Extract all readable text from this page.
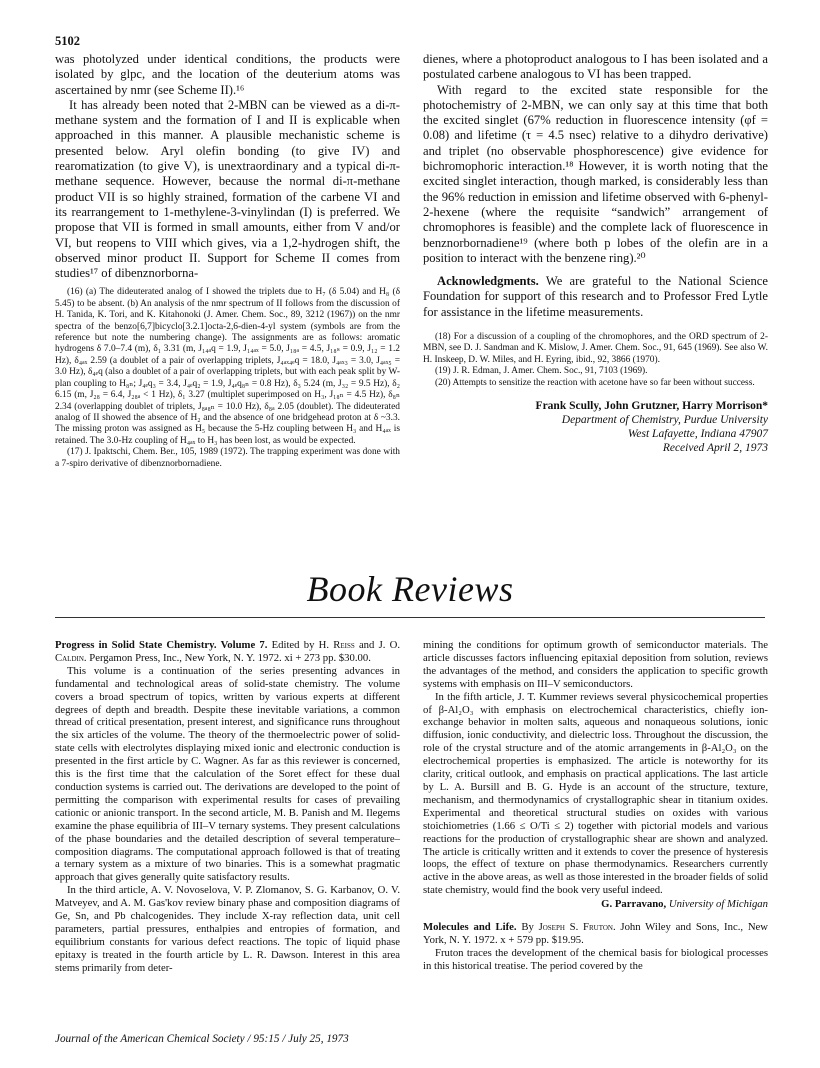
5102

was photolyzed under identical conditions, the products were isolated by glpc, and the location of the deuterium atoms was ascertained by nmr (see Scheme II).¹⁶

It has already been noted that 2-MBN can be viewed as a di-π-methane system and the formation of I and II is explicable when approached in this manner. A plausible mechanistic scheme is presented below. Aryl olefin bonding (to give IV) and rearomatization (to give V), is unextraordinary and a typical di-π-methane sequence. However, because the normal di-π-methane product VII is so highly strained, formation of the carbene VI and its rearrangement to 1-methylene-3-vinylindan (I) is preferred. We propose that VII is formed in small amounts, either from V and/or VI, but reopens to VIII which gives, via a 1,2-hydrogen shift, the observed minor product II. Support for Scheme II comes from studies¹⁷ of dibenznorborna-

(16) (a) The dideuterated analog of I showed the triplets due to H₇ (δ 5.04) and H₈ (δ 5.45) to be absent. (b) An analysis of the nmr spectrum of II follows from the discussion of H. Tanida, K. Tori, and K. Kitahonoki (J. Amer. Chem. Soc., 89, 3212 (1967)) on the nmr spectra of the benzo[6,7]bicyclo[3.2.1]octa-2,6-dien-4-yl system (symbols are from the reference but note the numbering change). The assignments are as follows: aromatic hydrogens δ 7.0–7.4 (m), δ₁ 3.31 (m, J₁₄ₐq = 1.9, J₁₄ₐₓ = 5.0, J₁₈ₐ = 4.5, J₁₈ₛ = 0.9, J₁₂ = 1.2 Hz), δ₄ₐₓ 2.59 (a doublet of a pair of overlapping triplets, J₄ₐₓ₄ₑq = 18.0, J₄ₐₓ₃ = 3.0, J₄ₐₓ₅ = 3.0 Hz), δ₄ₑq (also a doublet of a pair of overlapping triplets, but with each peak split by W-plan coupling to H₈ₙ; J₄ₑq₃ = 3.4, J₄ₑq₂ = 1.9, J₄ₑq₈ₙ = 0.8 Hz), δ₃ 5.24 (m, J₃₂ = 9.5 Hz), δ₂ 6.15 (m, J₂₈ = 6.4, J₂₈ₐ < 1 Hz), δ₁ 3.27 (multiplet superimposed on H₃, J₁₈ₙ = 4.5 Hz), δ₈ₙ 2.34 (overlapping doublet of triplets, J₈ₐ₈ₙ = 10.0 Hz), δ₈ₐ 2.05 (doublet). The dideuterated analog of II showed the absence of H₂ and the absence of one bridgehead proton at δ ~3.3. The missing proton was assigned as H₅ because the 5-Hz coupling between H₃ and H₄ₐₓ is retained. The 3.0-Hz coupling of H₄ₐₓ to H₃ has been lost, as would be expected.

(17) J. Ipaktschi, Chem. Ber., 105, 1989 (1972). The trapping experiment was done with a 7-spiro derivative of dibenznorbornadiene.

dienes, where a photoproduct analogous to I has been isolated and a postulated carbene analogous to VI has been trapped.

With regard to the excited state responsible for the photochemistry of 2-MBN, we can only say at this time that both the excited singlet (67% reduction in fluorescence intensity (φf = 0.08) and lifetime (τ = 4.5 nsec) relative to a dihydro derivative) and triplet (no observable phosphorescence) give evidence for bichromophoric interaction.¹⁸ However, it is worth noting that the excited singlet interaction, though marked, is considerably less than the 96% reduction in emission and lifetime observed with 6-phenyl-2-hexene (where the requisite “sandwich” arrangement of chromophores is feasible) and the complete lack of fluorescence in benznorbornadiene¹⁹ (where both p lobes of the olefin are in a position to interact with the benzene ring).²⁰

Acknowledgments. We are grateful to the National Science Foundation for support of this research and to Professor Fred Lytle for assistance in the lifetime measurements.

(18) For a discussion of a coupling of the chromophores, and the ORD spectrum of 2-MBN, see D. J. Sandman and K. Mislow, J. Amer. Chem. Soc., 91, 645 (1969). See also W. H. Inskeep, D. W. Miles, and H. Eyring, ibid., 92, 3866 (1970).

(19) J. R. Edman, J. Amer. Chem. Soc., 91, 7103 (1969).

(20) Attempts to sensitize the reaction with acetone have so far been without success.

Frank Scully, John Grutzner, Harry Morrison*
Department of Chemistry, Purdue University
West Lafayette, Indiana 47907
Received April 2, 1973
Book Reviews

Progress in Solid State Chemistry. Volume 7. Edited by H. Reiss and J. O. Caldin. Pergamon Press, Inc., New York, N. Y. 1972. xi + 273 pp. $30.00.

This volume is a continuation of the series presenting advances in fundamental and technological areas of solid-state chemistry. The volume covers a broad spectrum of topics, written by various experts at different degrees of depth and breadth. Despite these inevitable variations, a common thread of critical presentation, present interest, and significance runs throughout the six articles of the volume. The theory of the thermoelectric power of solid-state cells with electrolytes displaying mixed ionic and electronic conduction is presented in the first article by C. Wagner. As far as this reviewer is concerned, this is the first time that the calculation of the Soret effect for these dual conduction systems is carried out. The derivations are developed to the point of permitting the comparison with experimental results for cases of prevailing cationic or anionic transport. In the second article, M. B. Panish and M. Ilegems examine the phase equilibria of III–V ternary systems. They present calculations of the phase boundaries and the detailed description of several temperature–composition diagrams. The computational approach followed is that of treating a ternary system as a mixture of two binaries. This is a somewhat pragmatic approach that gives generally quite satisfactory results.

In the third article, A. V. Novoselova, V. P. Zlomanov, S. G. Karbanov, O. V. Matveyev, and A. M. Gas'kov review binary phase and composition diagrams of Ge, Sn, and Pb chalcogenides. They include X-ray reflection data, unit cell parameters, partial pressures, enthalpies and entropies of formation, and equilibrium constants for various defect reactions. The topic of liquid phase epitaxy is treated in the fourth article by L. R. Dawson. Interest in this area stems primarily from deter-

mining the conditions for optimum growth of semiconductor materials. The article discusses factors influencing epitaxial deposition from solution, reviews the advantages of the method, and considers the application to specific growth systems with emphasis on III–V semiconductors.

In the fifth article, J. T. Kummer reviews several physicochemical properties of β-Al₂O₃ with emphasis on electrochemical characteristics, chiefly ion-exchange behavior in molten salts, aqueous and nonaqueous solutions, ionic diffusion, ionic conductivity, and dielectric loss. Throughout the discussion, the role of the crystal structure and of the atomic arrangements in β-Al₂O₃ on the electrochemical properties is emphasized. The article is noteworthy for its clarity, critical outlook, and emphasis on practical applications. The last article by L. A. Bursill and B. G. Hyde is an account of the structure, texture, mechanism, and thermodynamics of crystallographic shear in titanium oxides. Experimental and theoretical structural studies on oxides with various stoichiometries (1.66 ≤ O/Ti ≤ 2) together with pictorial models and various reactions for the production of crystallographic shear are shown and analyzed. The article is critically written and it extends to cover the presence of hysteresis loops, the effect of texture on phase thermodynamics. Researchers currently active in the above areas, as well as those interested in the broader fields of solid state chemistry, would find the book very useful indeed.

G. Parravano, University of Michigan

Molecules and Life. By Joseph S. Fruton. John Wiley and Sons, Inc., New York, N. Y. 1972. x + 579 pp. $19.95.

Fruton traces the development of the chemical basis for biological processes in this historical treatise. The period covered by the

Journal of the American Chemical Society / 95:15 / July 25, 1973
